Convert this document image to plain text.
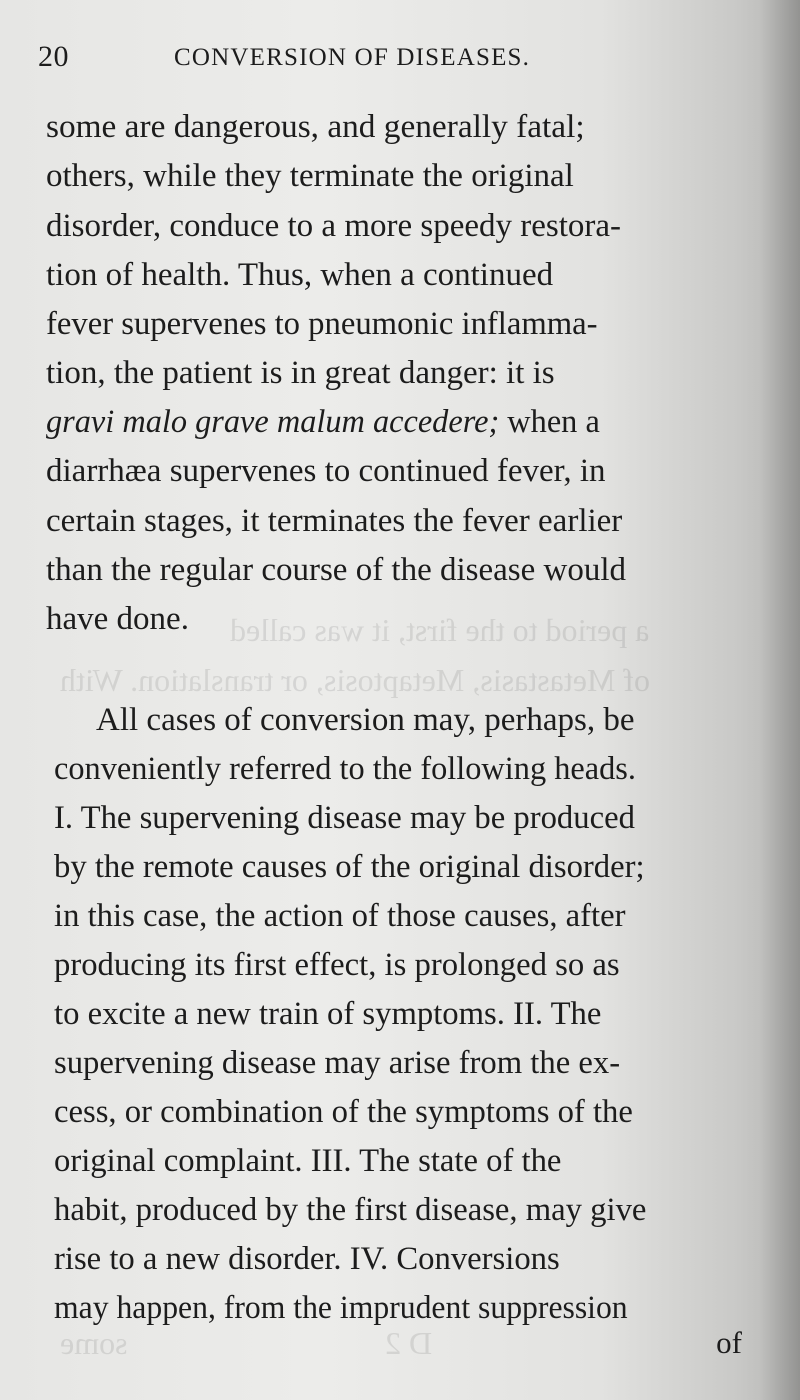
a period to the first, it was called
of Metastasis, Metaptosis, or translation. With
some	D 2
20	CONVERSION OF DISEASES.
some are dangerous, and generally fatal;
others, while they terminate the original
disorder, conduce to a more speedy restora-
tion of health. Thus, when a continued
fever supervenes to pneumonic inflamma-
tion, the patient is in great danger: it is
gravi malo grave malum accedere; when a
diarrhæa supervenes to continued fever, in
certain stages, it terminates the fever earlier
than the regular course of the disease would
have done.
All cases of conversion may, perhaps, be
conveniently referred to the following heads.
I. The supervening disease may be produced
by the remote causes of the original disorder;
in this case, the action of those causes, after
producing its first effect, is prolonged so as
to excite a new train of symptoms. II. The
supervening disease may arise from the ex-
cess, or combination of the symptoms of the
original complaint. III. The state of the
habit, produced by the first disease, may give
rise to a new disorder. IV. Conversions
may happen, from the imprudent suppression
of
